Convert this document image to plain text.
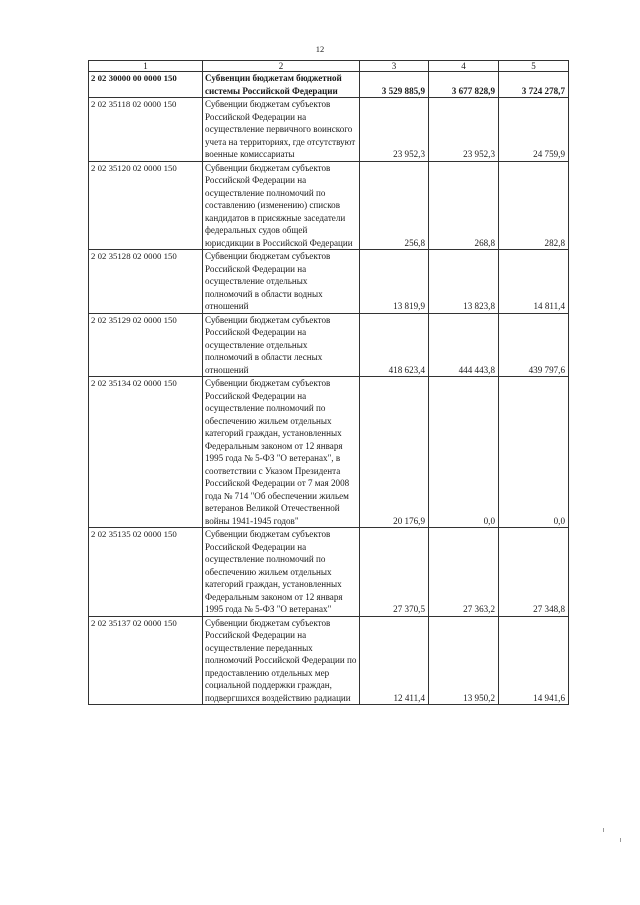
12
1	2	3	4	5
2 02 30000 00 0000 150	Субвенции бюджетам бюджетной системы Российской Федерации	3 529 885,9	3 677 828,9	3 724 278,7
2 02 35118 02 0000 150	Субвенции бюджетам субъектов Российской Федерации на осуществление первичного воинского учета на территориях, где отсутствуют военные комиссариаты	23 952,3	23 952,3	24 759,9
2 02 35120 02 0000 150	Субвенции бюджетам субъектов Российской Федерации на осуществление полномочий по составлению (изменению) списков кандидатов в присяжные заседатели федеральных судов общей юрисдикции в Российской Федерации	256,8	268,8	282,8
2 02 35128 02 0000 150	Субвенции бюджетам субъектов Российской Федерации на осуществление отдельных полномочий в области водных отношений	13 819,9	13 823,8	14 811,4
2 02 35129 02 0000 150	Субвенции бюджетам субъектов Российской Федерации на осуществление отдельных полномочий в области лесных отношений	418 623,4	444 443,8	439 797,6
2 02 35134 02 0000 150	Субвенции бюджетам субъектов Российской Федерации на осуществление полномочий по обеспечению жильем отдельных категорий граждан, установленных Федеральным законом от 12 января 1995 года № 5-ФЗ "О ветеранах", в соответствии с Указом Президента Российской Федерации от 7 мая 2008 года № 714 "Об обеспечении жильем ветеранов Великой Отечественной войны 1941-1945 годов"	20 176,9	0,0	0,0
2 02 35135 02 0000 150	Субвенции бюджетам субъектов Российской Федерации на осуществление полномочий по обеспечению жильем отдельных категорий граждан, установленных Федеральным законом от 12 января 1995 года № 5-ФЗ "О ветеранах"	27 370,5	27 363,2	27 348,8
2 02 35137 02 0000 150	Субвенции бюджетам субъектов Российской Федерации на осуществление переданных полномочий Российской Федерации по предоставлению отдельных мер социальной поддержки граждан, подвергшихся воздействию радиации	12 411,4	13 950,2	14 941,6
